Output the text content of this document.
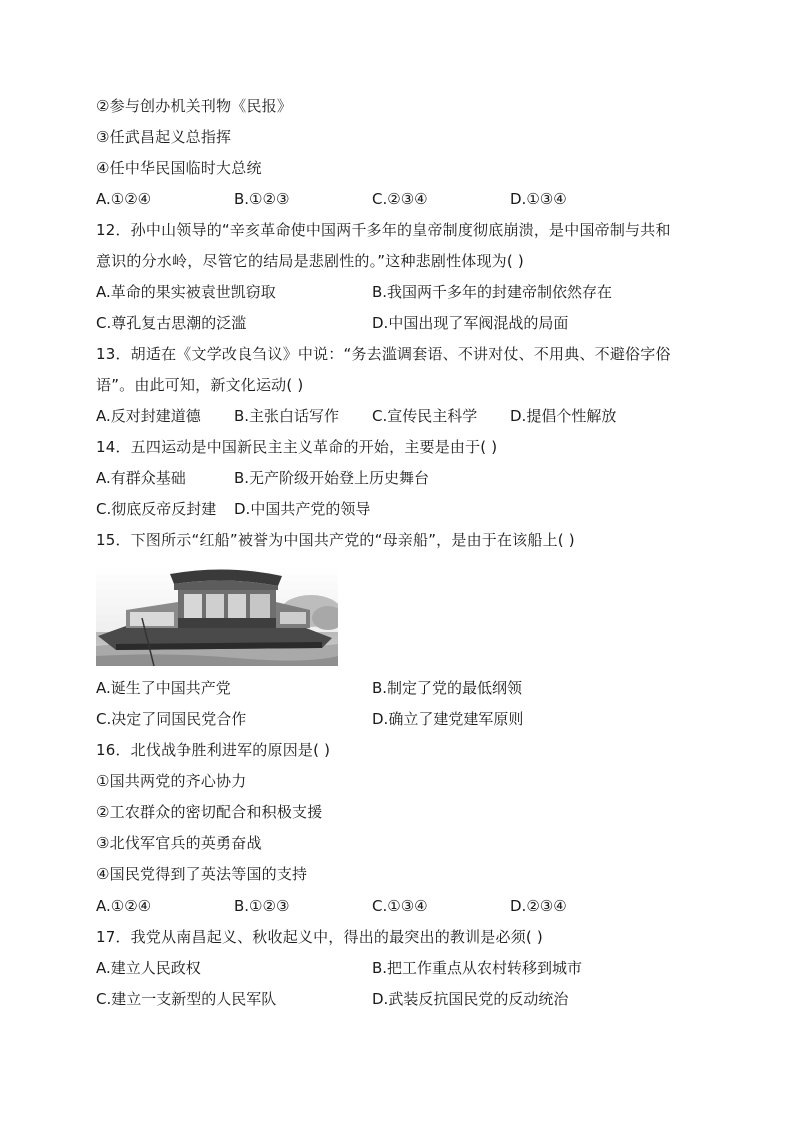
②参与创办机关刊物《民报》
③任武昌起义总指挥
④任中华民国临时大总统
A.①②④	B.①②③	C.②③④	D.①③④
12．孙中山领导的“辛亥革命使中国两千多年的皇帝制度彻底崩溃，是中国帝制与共和
意识的分水岭，尽管它的结局是悲剧性的。”这种悲剧性体现为( )
A.革命的果实被袁世凯窃取	B.我国两千多年的封建帝制依然存在
C.尊孔复古思潮的泛滥	D.中国出现了军阀混战的局面
13．胡适在《文学改良刍议》中说：“务去滥调套语、不讲对仗、不用典、不避俗字俗
语”。由此可知，新文化运动( )
A.反对封建道德 B.主张白话写作 C.宣传民主科学 D.提倡个性解放
14．五四运动是中国新民主主义革命的开始，主要是由于( )
A.有群众基础	B.无产阶级开始登上历史舞台
C.彻底反帝反封建 D.中国共产党的领导
15．下图所示“红船”被誉为中国共产党的“母亲船”，是由于在该船上( )
A.诞生了中国共产党	B.制定了党的最低纲领
C.决定了同国民党合作	D.确立了建党建军原则
16．北伐战争胜利进军的原因是( )
①国共两党的齐心协力
②工农群众的密切配合和积极支援
③北伐军官兵的英勇奋战
④国民党得到了英法等国的支持
A.①②④	B.①②③	C.①③④	D.②③④
17．我党从南昌起义、秋收起义中，得出的最突出的教训是必须( )
A.建立人民政权	B.把工作重点从农村转移到城市
C.建立一支新型的人民军队	D.武装反抗国民党的反动统治
